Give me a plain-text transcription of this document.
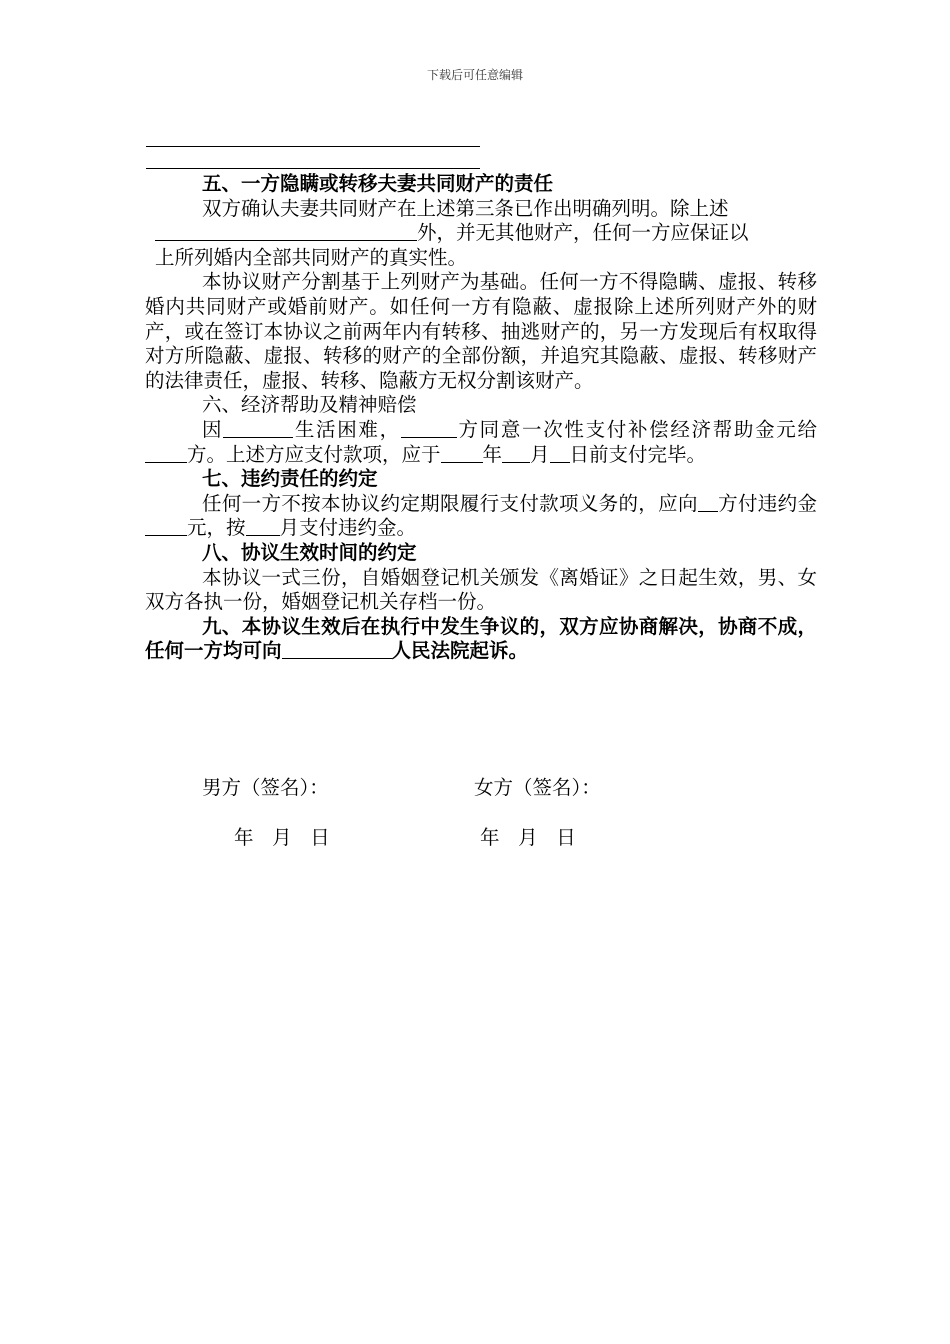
下载后可任意编辑

五、一方隐瞒或转移夫妻共同财产的责任

双方确认夫妻共同财产在上述第三条已作出明确列明。除上述
外，并无其他财产，任何一方应保证以
上所列婚内全部共同财产的真实性。

本协议财产分割基于上列财产为基础。任何一方不得隐瞒、虚报、转移婚内共同财产或婚前财产。如任何一方有隐蔽、虚报除上述所列财产外的财产，或在签订本协议之前两年内有转移、抽逃财产的，另一方发现后有权取得对方所隐蔽、虚报、转移的财产的全部份额，并追究其隐蔽、虚报、转移财产的法律责任，虚报、转移、隐蔽方无权分割该财产。

六、经济帮助及精神赔偿

因	生活困难，	方同意一次性支付补偿经济帮助金元给方。上述方应支付款项，应于 年 月 日前支付完毕。

七、违约责任的约定

任何一方不按本协议约定期限履行支付款项义务的，应向 方付违约金元，按 月支付违约金。

八、协议生效时间的约定

本协议一式三份，自婚姻登记机关颁发《离婚证》之日起生效，男、女双方各执一份，婚姻登记机关存档一份。

九、本协议生效后在执行中发生争议的，双方应协商解决，协商不成，任何一方均可向	人民法院起诉。

男方（签名）：	女方（签名）：
年   月   日	年   月   日
